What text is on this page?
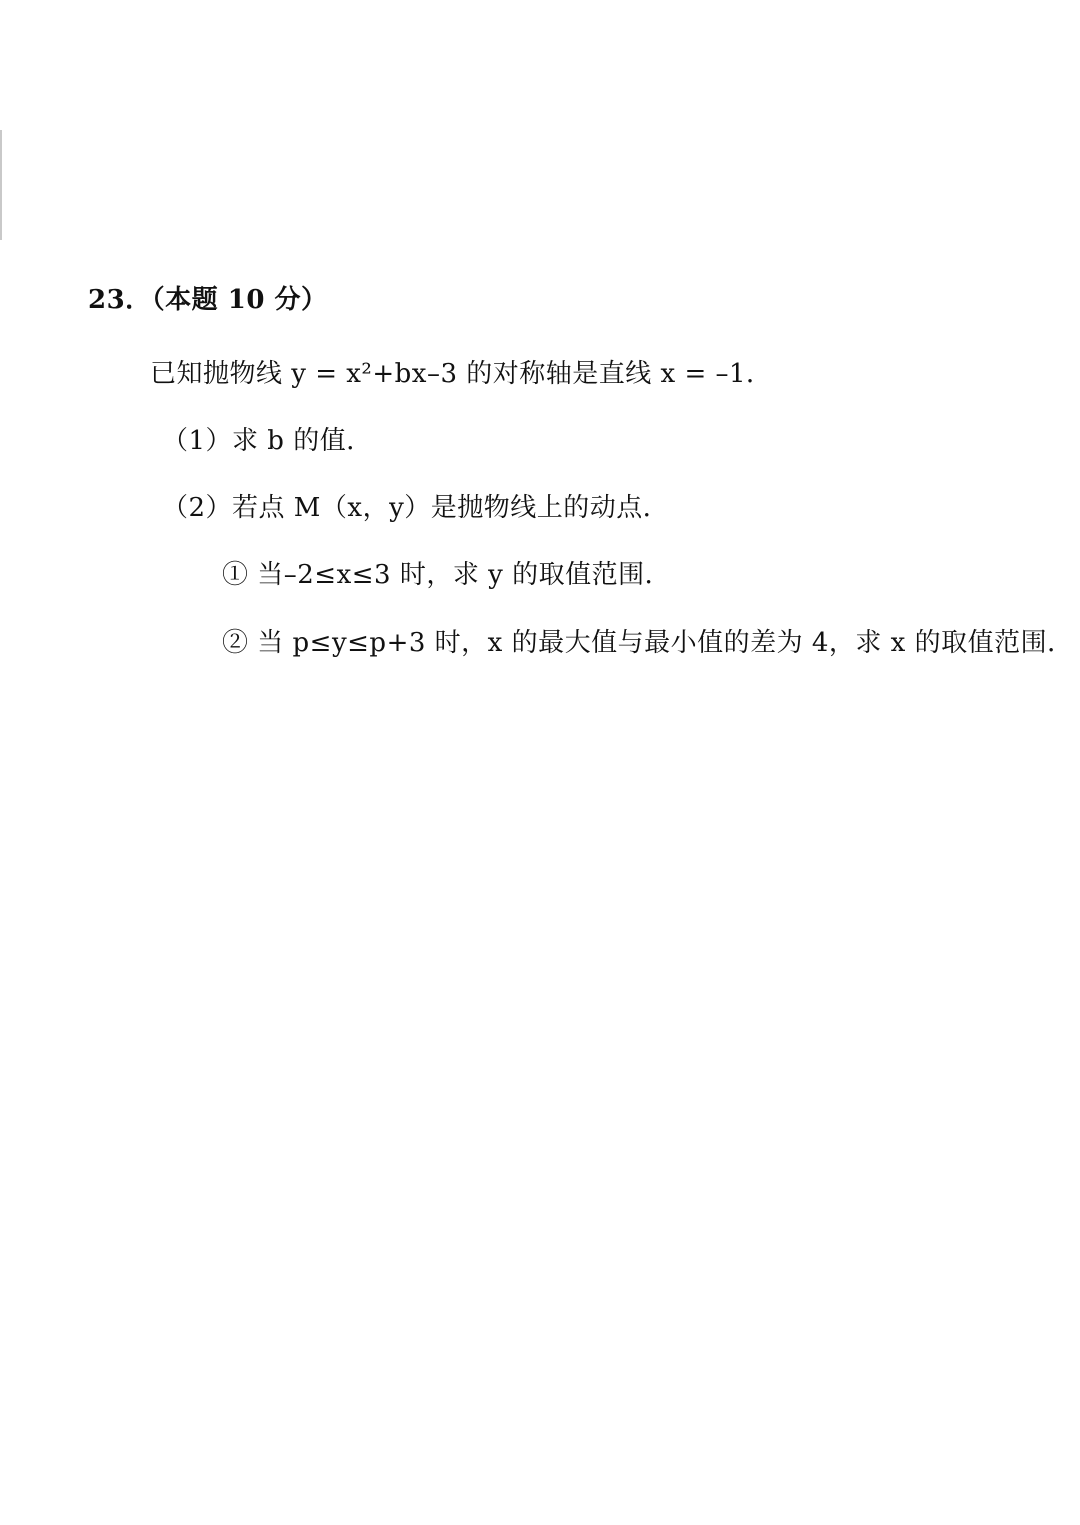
23．（本题 10 分）
已知抛物线 y = x²+bx–3 的对称轴是直线 x = –1．
（1）求 b 的值．
（2）若点 M（x，y）是抛物线上的动点．
① 当–2≤x≤3 时，求 y 的取值范围．
② 当 p≤y≤p+3 时，x 的最大值与最小值的差为 4，求 x 的取值范围．
